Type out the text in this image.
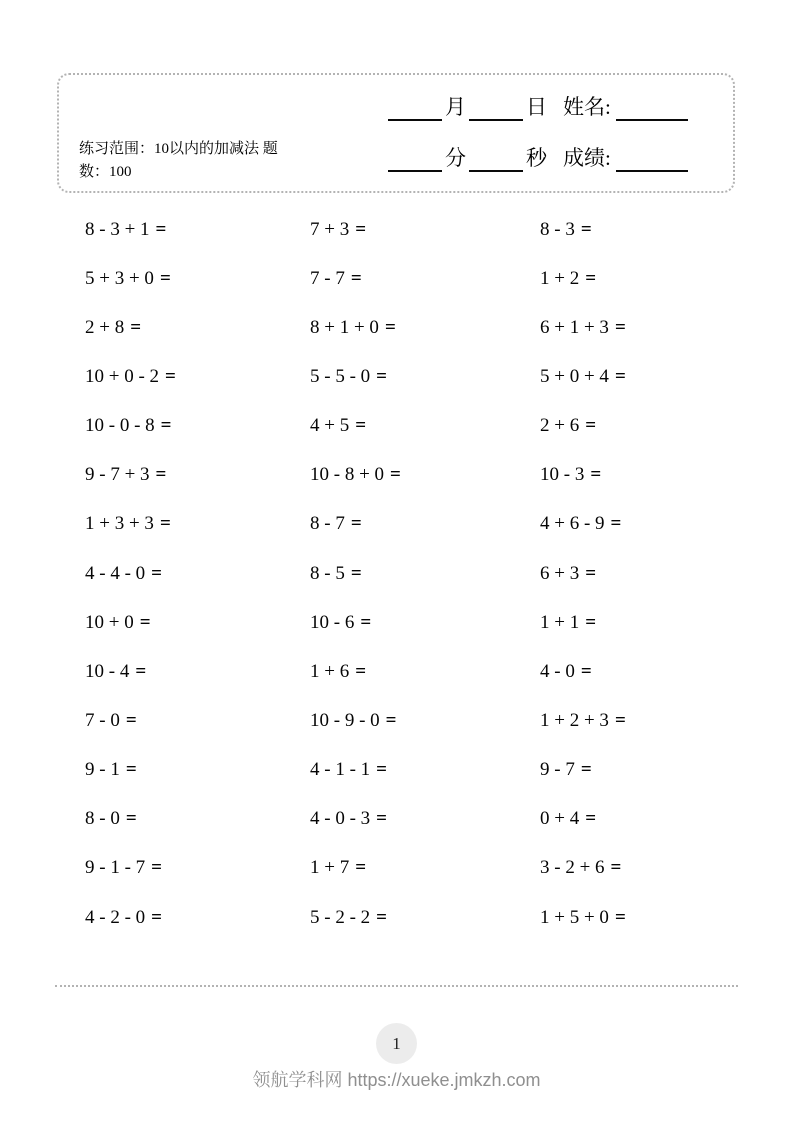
练习范围：10以内的加减法 题数：100
月	日 姓名:
分	秒 成绩:
8 - 3 + 1 =	7 + 3 =	8 - 3 =
5 + 3 + 0 =	7 - 7 =	1 + 2 =
2 + 8 =	8 + 1 + 0 =	6 + 1 + 3 =
10 + 0 - 2 =	5 - 5 - 0 =	5 + 0 + 4 =
10 - 0 - 8 =	4 + 5 =	2 + 6 =
9 - 7 + 3 =	10 - 8 + 0 =	10 - 3 =
1 + 3 + 3 =	8 - 7 =	4 + 6 - 9 =
4 - 4 - 0 =	8 - 5 =	6 + 3 =
10 + 0 =	10 - 6 =	1 + 1 =
10 - 4 =	1 + 6 =	4 - 0 =
7 - 0 =	10 - 9 - 0 =	1 + 2 + 3 =
9 - 1 =	4 - 1 - 1 =	9 - 7 =
8 - 0 =	4 - 0 - 3 =	0 + 4 =
9 - 1 - 7 =	1 + 7 =	3 - 2 + 6 =
4 - 2 - 0 =	5 - 2 - 2 =	1 + 5 + 0 =
1
领航学科网 https://xueke.jmkzh.com
